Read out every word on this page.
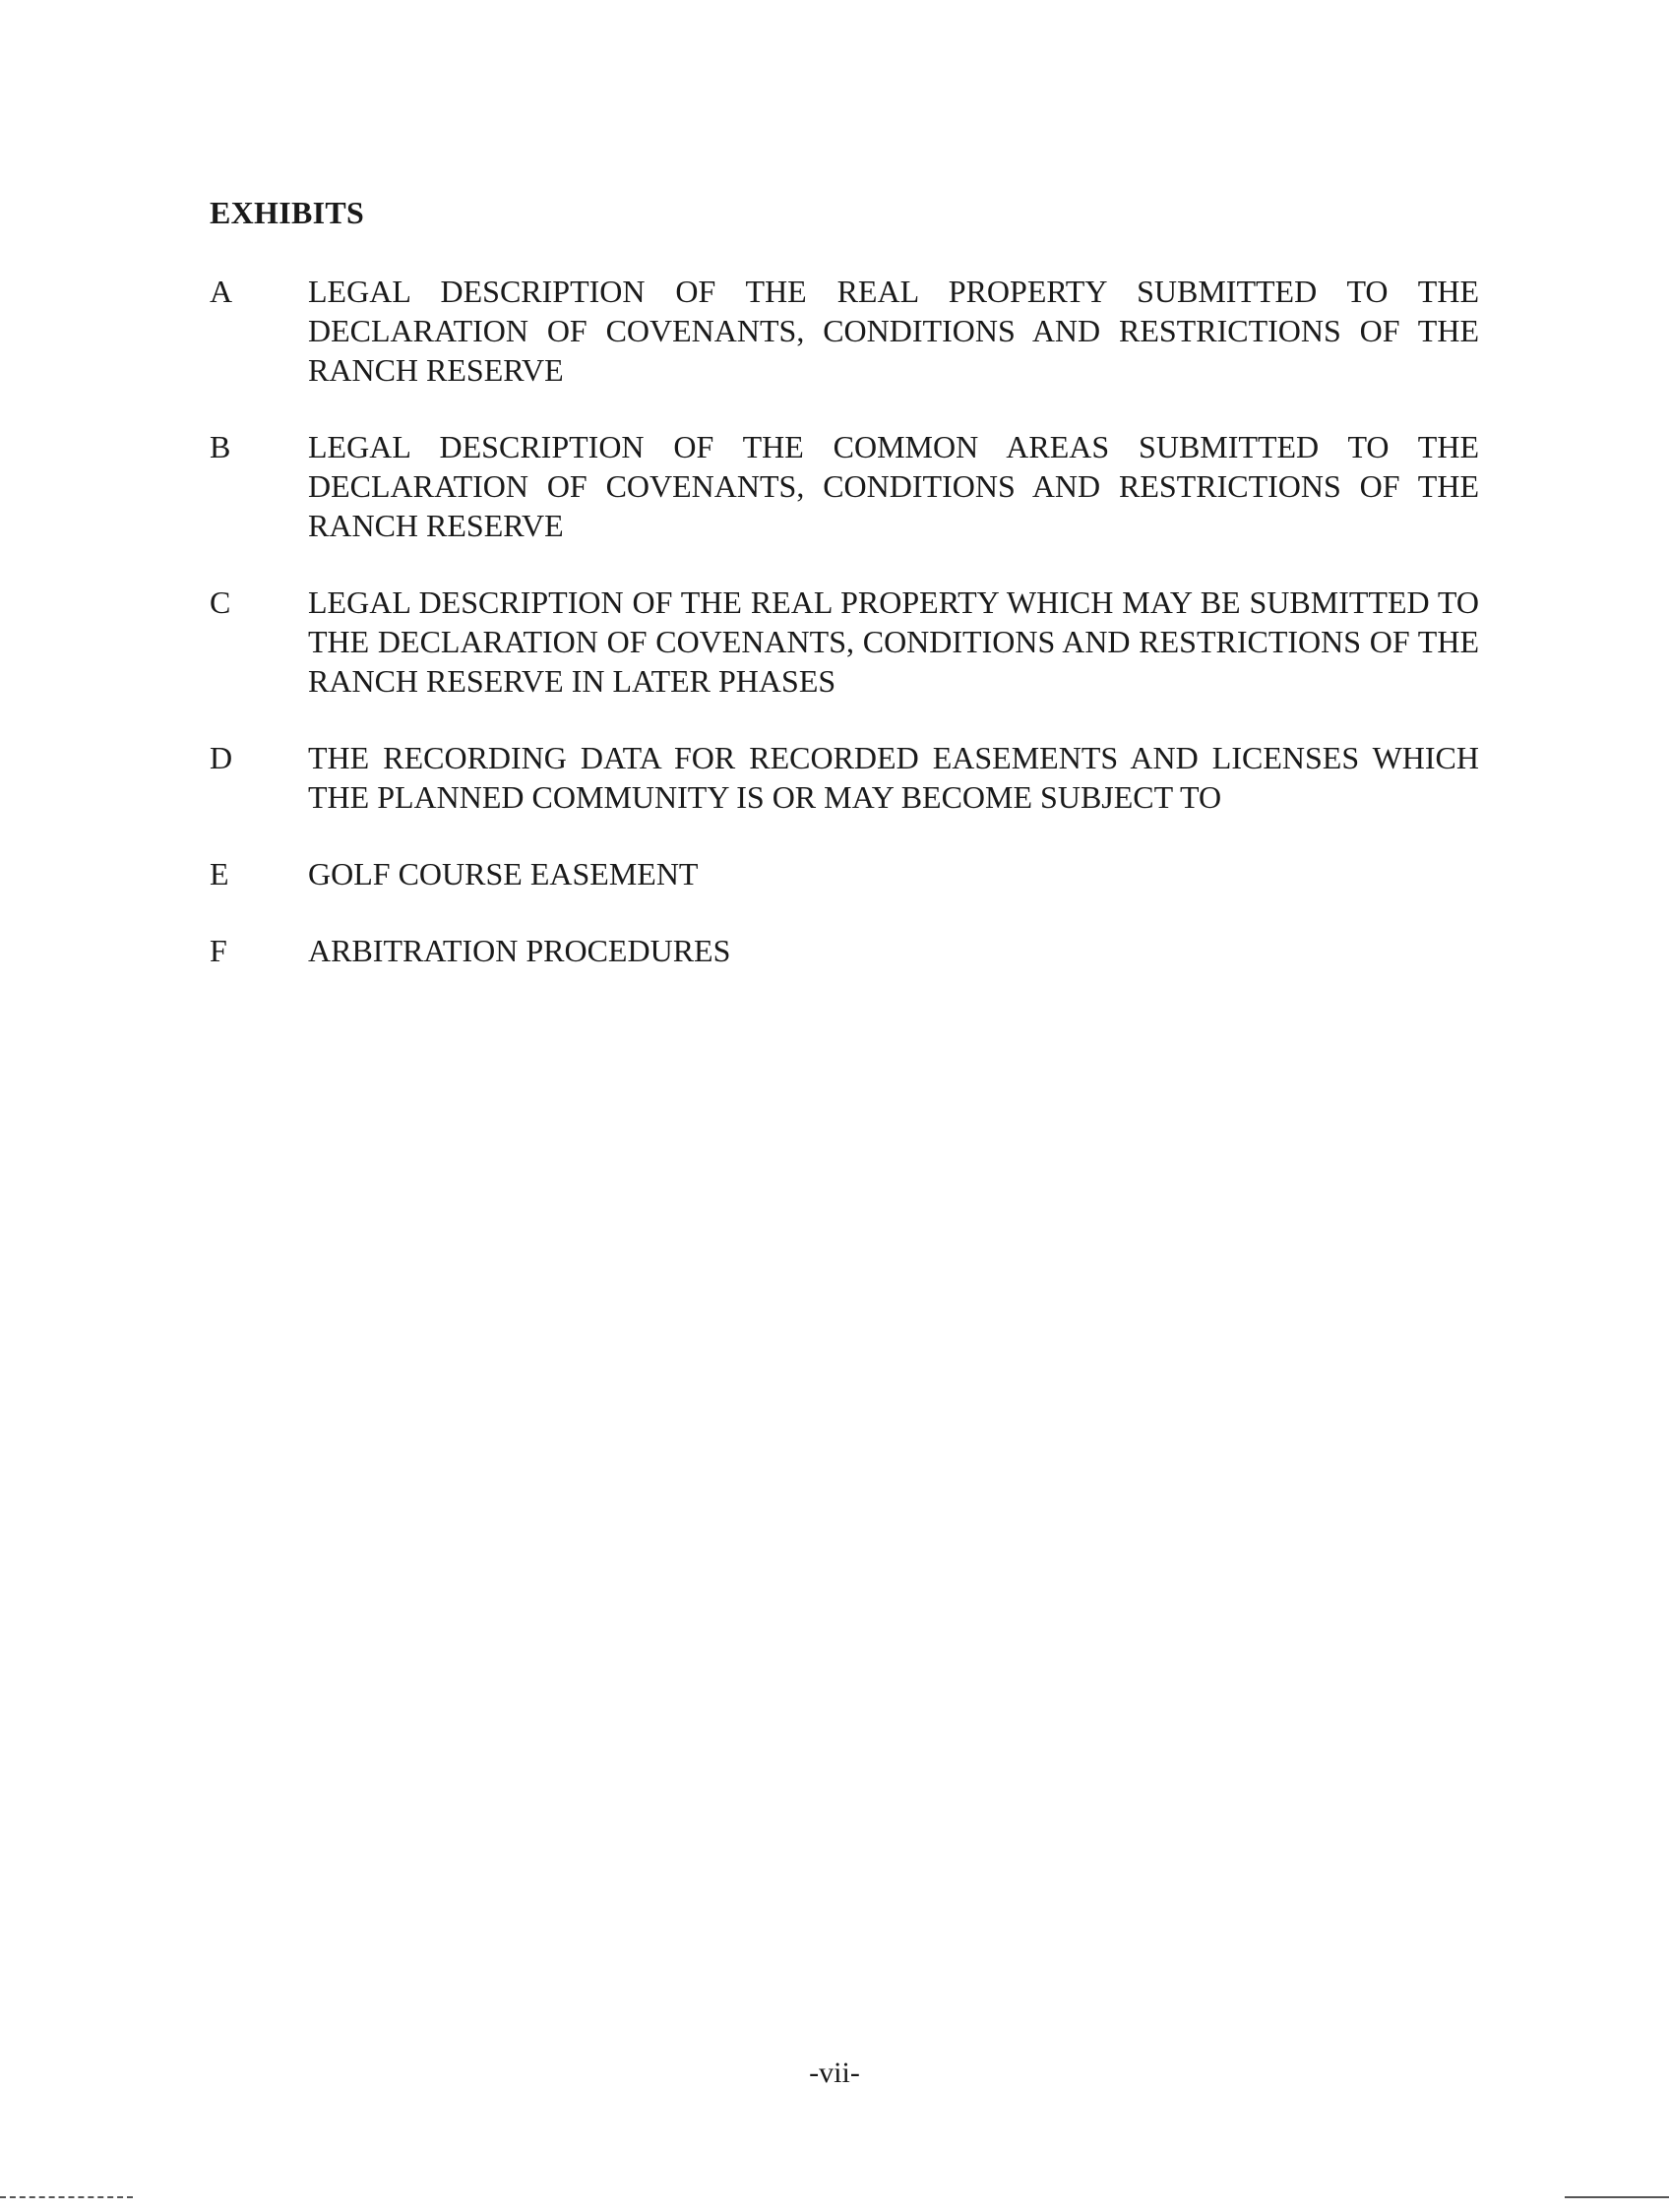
EXHIBITS
A	LEGAL DESCRIPTION OF THE REAL PROPERTY SUBMITTED TO THE DECLARATION OF COVENANTS, CONDITIONS AND RESTRICTIONS OF THE RANCH RESERVE
B	LEGAL DESCRIPTION OF THE COMMON AREAS SUBMITTED TO THE DECLARATION OF COVENANTS, CONDITIONS AND RESTRICTIONS OF THE RANCH RESERVE
C	LEGAL DESCRIPTION OF THE REAL PROPERTY WHICH MAY BE SUBMITTED TO THE DECLARATION OF COVENANTS, CONDITIONS AND RESTRICTIONS OF THE RANCH RESERVE IN LATER PHASES
D	THE RECORDING DATA FOR RECORDED EASEMENTS AND LICENSES WHICH THE PLANNED COMMUNITY IS OR MAY BECOME SUBJECT TO
E	GOLF COURSE EASEMENT
F	ARBITRATION PROCEDURES
-vii-
